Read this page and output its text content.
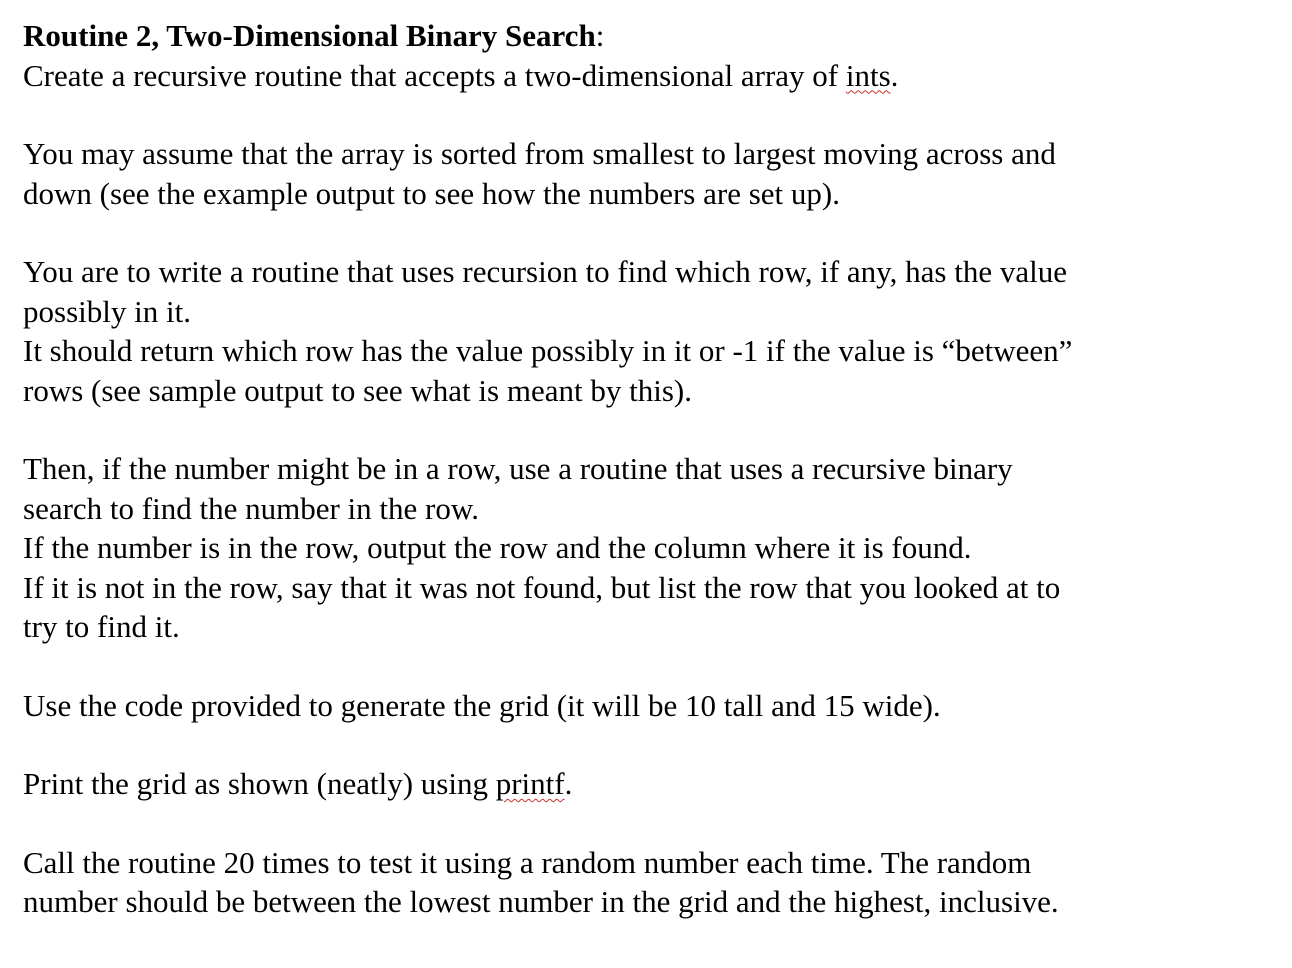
Routine 2, Two-Dimensional Binary Search:
Create a recursive routine that accepts a two-dimensional array of ints.
You may assume that the array is sorted from smallest to largest moving across and
down (see the example output to see how the numbers are set up).
You are to write a routine that uses recursion to find which row, if any, has the value
possibly in it.
It should return which row has the value possibly in it or -1 if the value is “between”
rows (see sample output to see what is meant by this).
Then, if the number might be in a row, use a routine that uses a recursive binary
search to find the number in the row.
If the number is in the row, output the row and the column where it is found.
If it is not in the row, say that it was not found, but list the row that you looked at to
try to find it.
Use the code provided to generate the grid (it will be 10 tall and 15 wide).
Print the grid as shown (neatly) using printf.
Call the routine 20 times to test it using a random number each time. The random
number should be between the lowest number in the grid and the highest, inclusive.
